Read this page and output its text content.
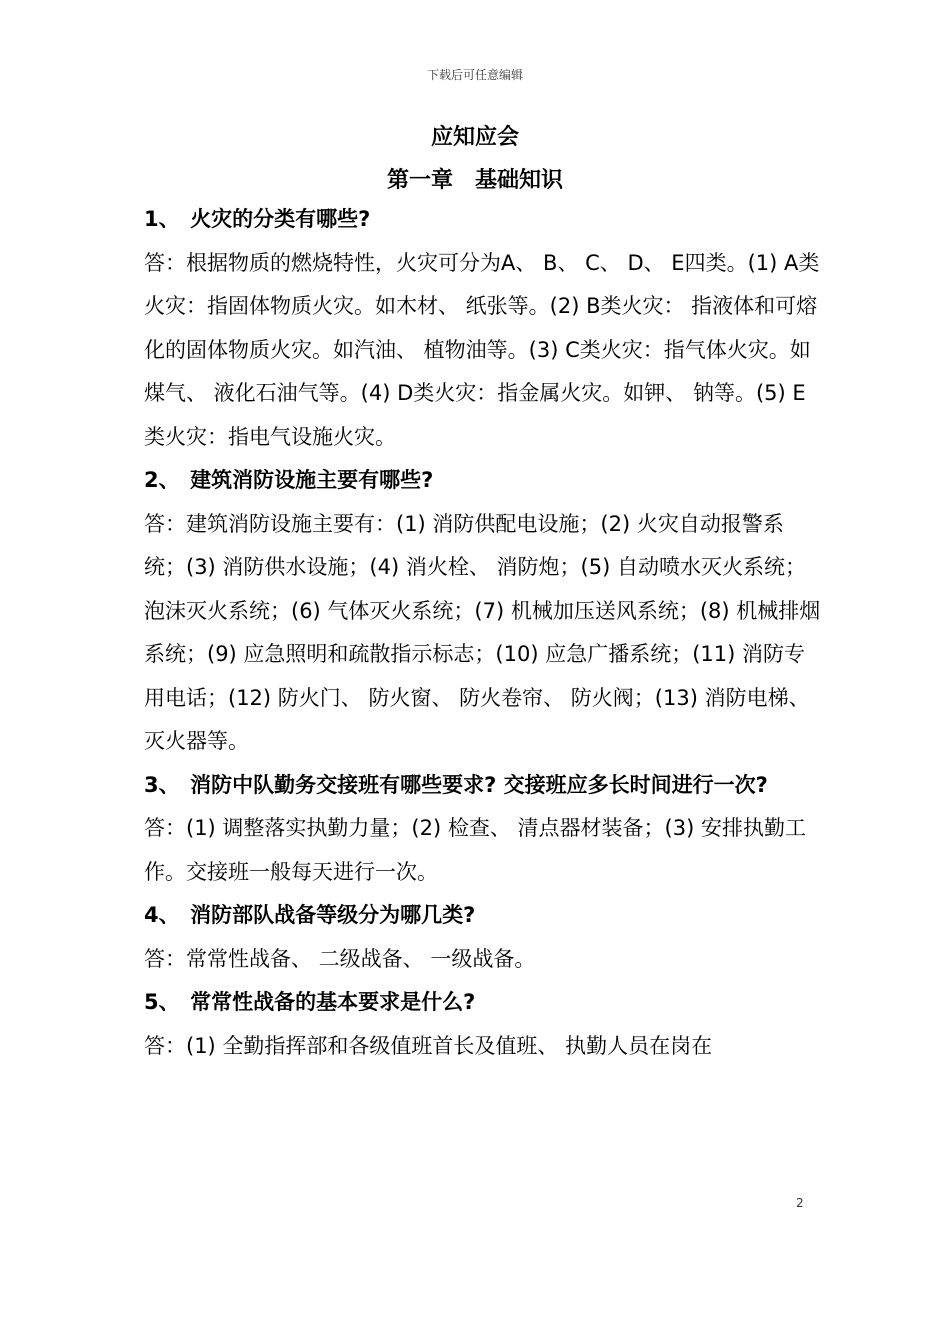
下载后可任意编辑
应知应会
第一章　基础知识
1、　火灾的分类有哪些?
答：根据物质的燃烧特性，火灾可分为A、 B、 C、 D、 E四类。(1) A类火灾：指固体物质火灾。如木材、 纸张等。(2) B类火灾： 指液体和可熔化的固体物质火灾。如汽油、 植物油等。(3) C类火灾：指气体火灾。如煤气、 液化石油气等。(4) D类火灾：指金属火灾。如钾、 钠等。(5) E类火灾：指电气设施火灾。
2、　建筑消防设施主要有哪些?
答：建筑消防设施主要有：(1) 消防供配电设施；(2) 火灾自动报警系统；(3) 消防供水设施；(4) 消火栓、 消防炮；(5) 自动喷水灭火系统；泡沫灭火系统；(6) 气体灭火系统；(7) 机械加压送风系统；(8) 机械排烟系统；(9) 应急照明和疏散指示标志；(10) 应急广播系统；(11) 消防专用电话；(12) 防火门、 防火窗、 防火卷帘、 防火阀；(13) 消防电梯、 灭火器等。
3、　消防中队勤务交接班有哪些要求? 交接班应多长时间进行一次?
答：(1) 调整落实执勤力量；(2) 检查、 清点器材装备；(3) 安排执勤工作。交接班一般每天进行一次。
4、　消防部队战备等级分为哪几类?
答：常常性战备、 二级战备、 一级战备。
5、　常常性战备的基本要求是什么?
答：(1) 全勤指挥部和各级值班首长及值班、 执勤人员在岗在
2
